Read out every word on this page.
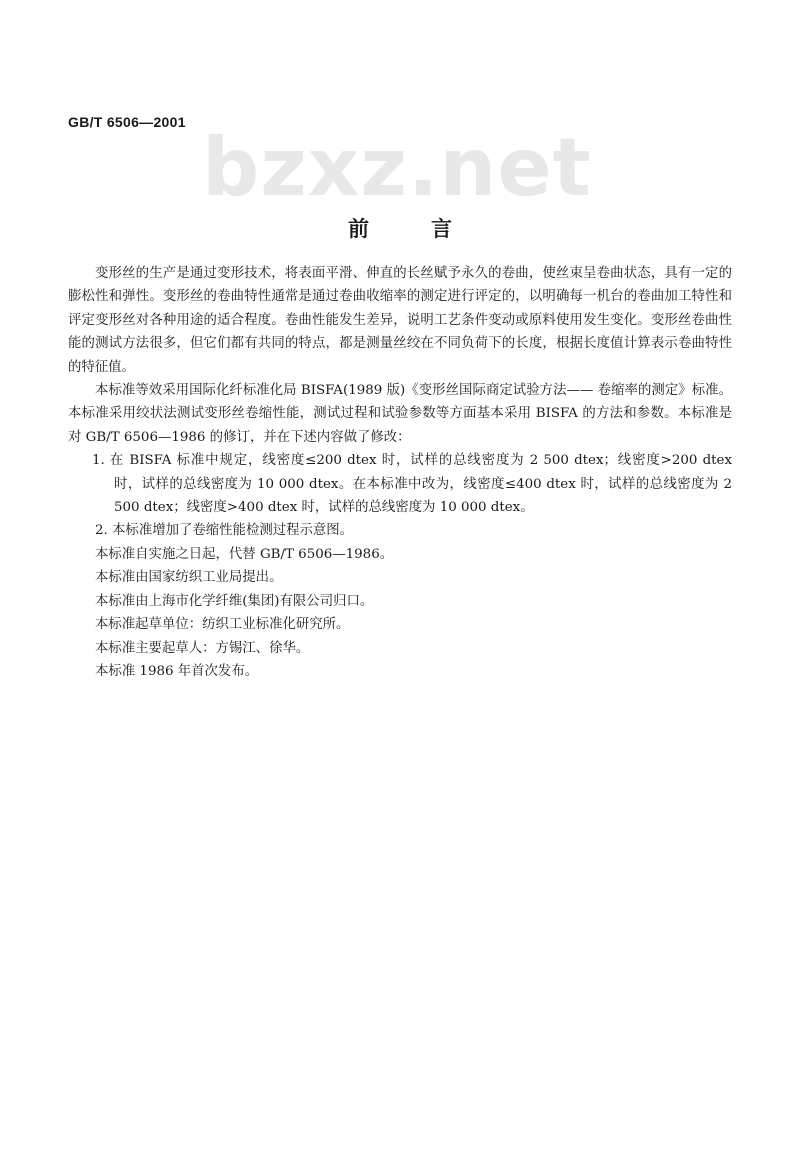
GB/T 6506—2001 bzxz.net
前	言

变形丝的生产是通过变形技术，将表面平滑、伸直的长丝赋予永久的卷曲，使丝束呈卷曲状态，具有一定的膨松性和弹性。变形丝的卷曲特性通常是通过卷曲收缩率的测定进行评定的，以明确每一机台的卷曲加工特性和评定变形丝对各种用途的适合程度。卷曲性能发生差异，说明工艺条件变动或原料使用发生变化。变形丝卷曲性能的测试方法很多，但它们都有共同的特点，都是测量丝绞在不同负荷下的长度，根据长度值计算表示卷曲特性的特征值。

本标准等效采用国际化纤标准化局 BISFA(1989 版)《变形丝国际商定试验方法—— 卷缩率的测定》标准。本标准采用绞状法测试变形丝卷缩性能，测试过程和试验参数等方面基本采用 BISFA 的方法和参数。本标准是对 GB/T 6506—1986 的修订，并在下述内容做了修改：

1. 在 BISFA 标准中规定，线密度≤200 dtex 时，试样的总线密度为 2 500 dtex；线密度>200 dtex 时，试样的总线密度为 10 000 dtex。在本标准中改为，线密度≤400 dtex 时，试样的总线密度为 2 500 dtex；线密度>400 dtex 时，试样的总线密度为 10 000 dtex。

2. 本标准增加了卷缩性能检测过程示意图。

本标准自实施之日起，代替 GB/T 6506—1986。

本标准由国家纺织工业局提出。

本标准由上海市化学纤维(集团)有限公司归口。

本标准起草单位：纺织工业标准化研究所。

本标准主要起草人：方锡江、徐华。

本标准 1986 年首次发布。
